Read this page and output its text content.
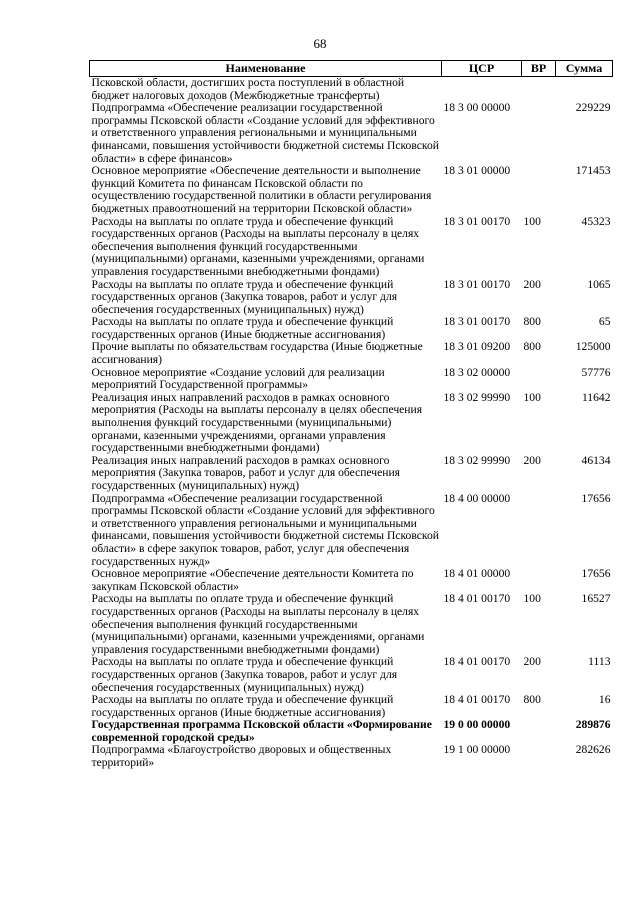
68
Наименование	ЦСР	ВР	Сумма
Псковской области, достигших роста поступлений в областной бюджет налоговых доходов (Межбюджетные трансферты)			
Подпрограмма «Обеспечение реализации государственной программы Псковской области «Создание условий для эффективного и ответственного управления региональными и муниципальными финансами, повышения устойчивости бюджетной системы Псковской области» в сфере финансов»	18 3 00 00000		229229
Основное мероприятие «Обеспечение деятельности и выполнение функций Комитета по финансам Псковской области по осуществлению государственной политики в области регулирования бюджетных правоотношений на территории Псковской области»	18 3 01 00000		171453
Расходы на выплаты по оплате труда и обеспечение функций государственных органов (Расходы на выплаты персоналу в целях обеспечения выполнения функций государственными (муниципальными) органами, казенными учреждениями, органами управления государственными внебюджетными фондами)	18 3 01 00170	100	45323
Расходы на выплаты по оплате труда и обеспечение функций государственных органов (Закупка товаров, работ и услуг для обеспечения государственных (муниципальных) нужд)	18 3 01 00170	200	1065
Расходы на выплаты по оплате труда и обеспечение функций государственных органов (Иные бюджетные ассигнования)	18 3 01 00170	800	65
Прочие выплаты по обязательствам государства (Иные бюджетные ассигнования)	18 3 01 09200	800	125000
Основное мероприятие «Создание условий для реализации мероприятий Государственной программы»	18 3 02 00000		57776
Реализация иных направлений расходов в рамках основного мероприятия (Расходы на выплаты персоналу в целях обеспечения выполнения функций государственными (муниципальными) органами, казенными учреждениями, органами управления государственными внебюджетными фондами)	18 3 02 99990	100	11642
Реализация иных направлений расходов в рамках основного мероприятия (Закупка товаров, работ и услуг для обеспечения государственных (муниципальных) нужд)	18 3 02 99990	200	46134
Подпрограмма «Обеспечение реализации государственной программы Псковской области «Создание условий для эффективного и ответственного управления региональными и муниципальными финансами, повышения устойчивости бюджетной системы Псковской области» в сфере закупок товаров, работ, услуг для обеспечения государственных нужд»	18 4 00 00000		17656
Основное мероприятие «Обеспечение деятельности Комитета по закупкам Псковской области»	18 4 01 00000		17656
Расходы на выплаты по оплате труда и обеспечение функций государственных органов (Расходы на выплаты персоналу в целях обеспечения выполнения функций государственными (муниципальными) органами, казенными учреждениями, органами управления государственными внебюджетными фондами)	18 4 01 00170	100	16527
Расходы на выплаты по оплате труда и обеспечение функций государственных органов (Закупка товаров, работ и услуг для обеспечения государственных (муниципальных) нужд)	18 4 01 00170	200	1113
Расходы на выплаты по оплате труда и обеспечение функций государственных органов (Иные бюджетные ассигнования)	18 4 01 00170	800	16
Государственная программа Псковской области «Формирование современной городской среды»	19 0 00 00000		289876
Подпрограмма «Благоустройство дворовых и общественных территорий»	19 1 00 00000		282626
